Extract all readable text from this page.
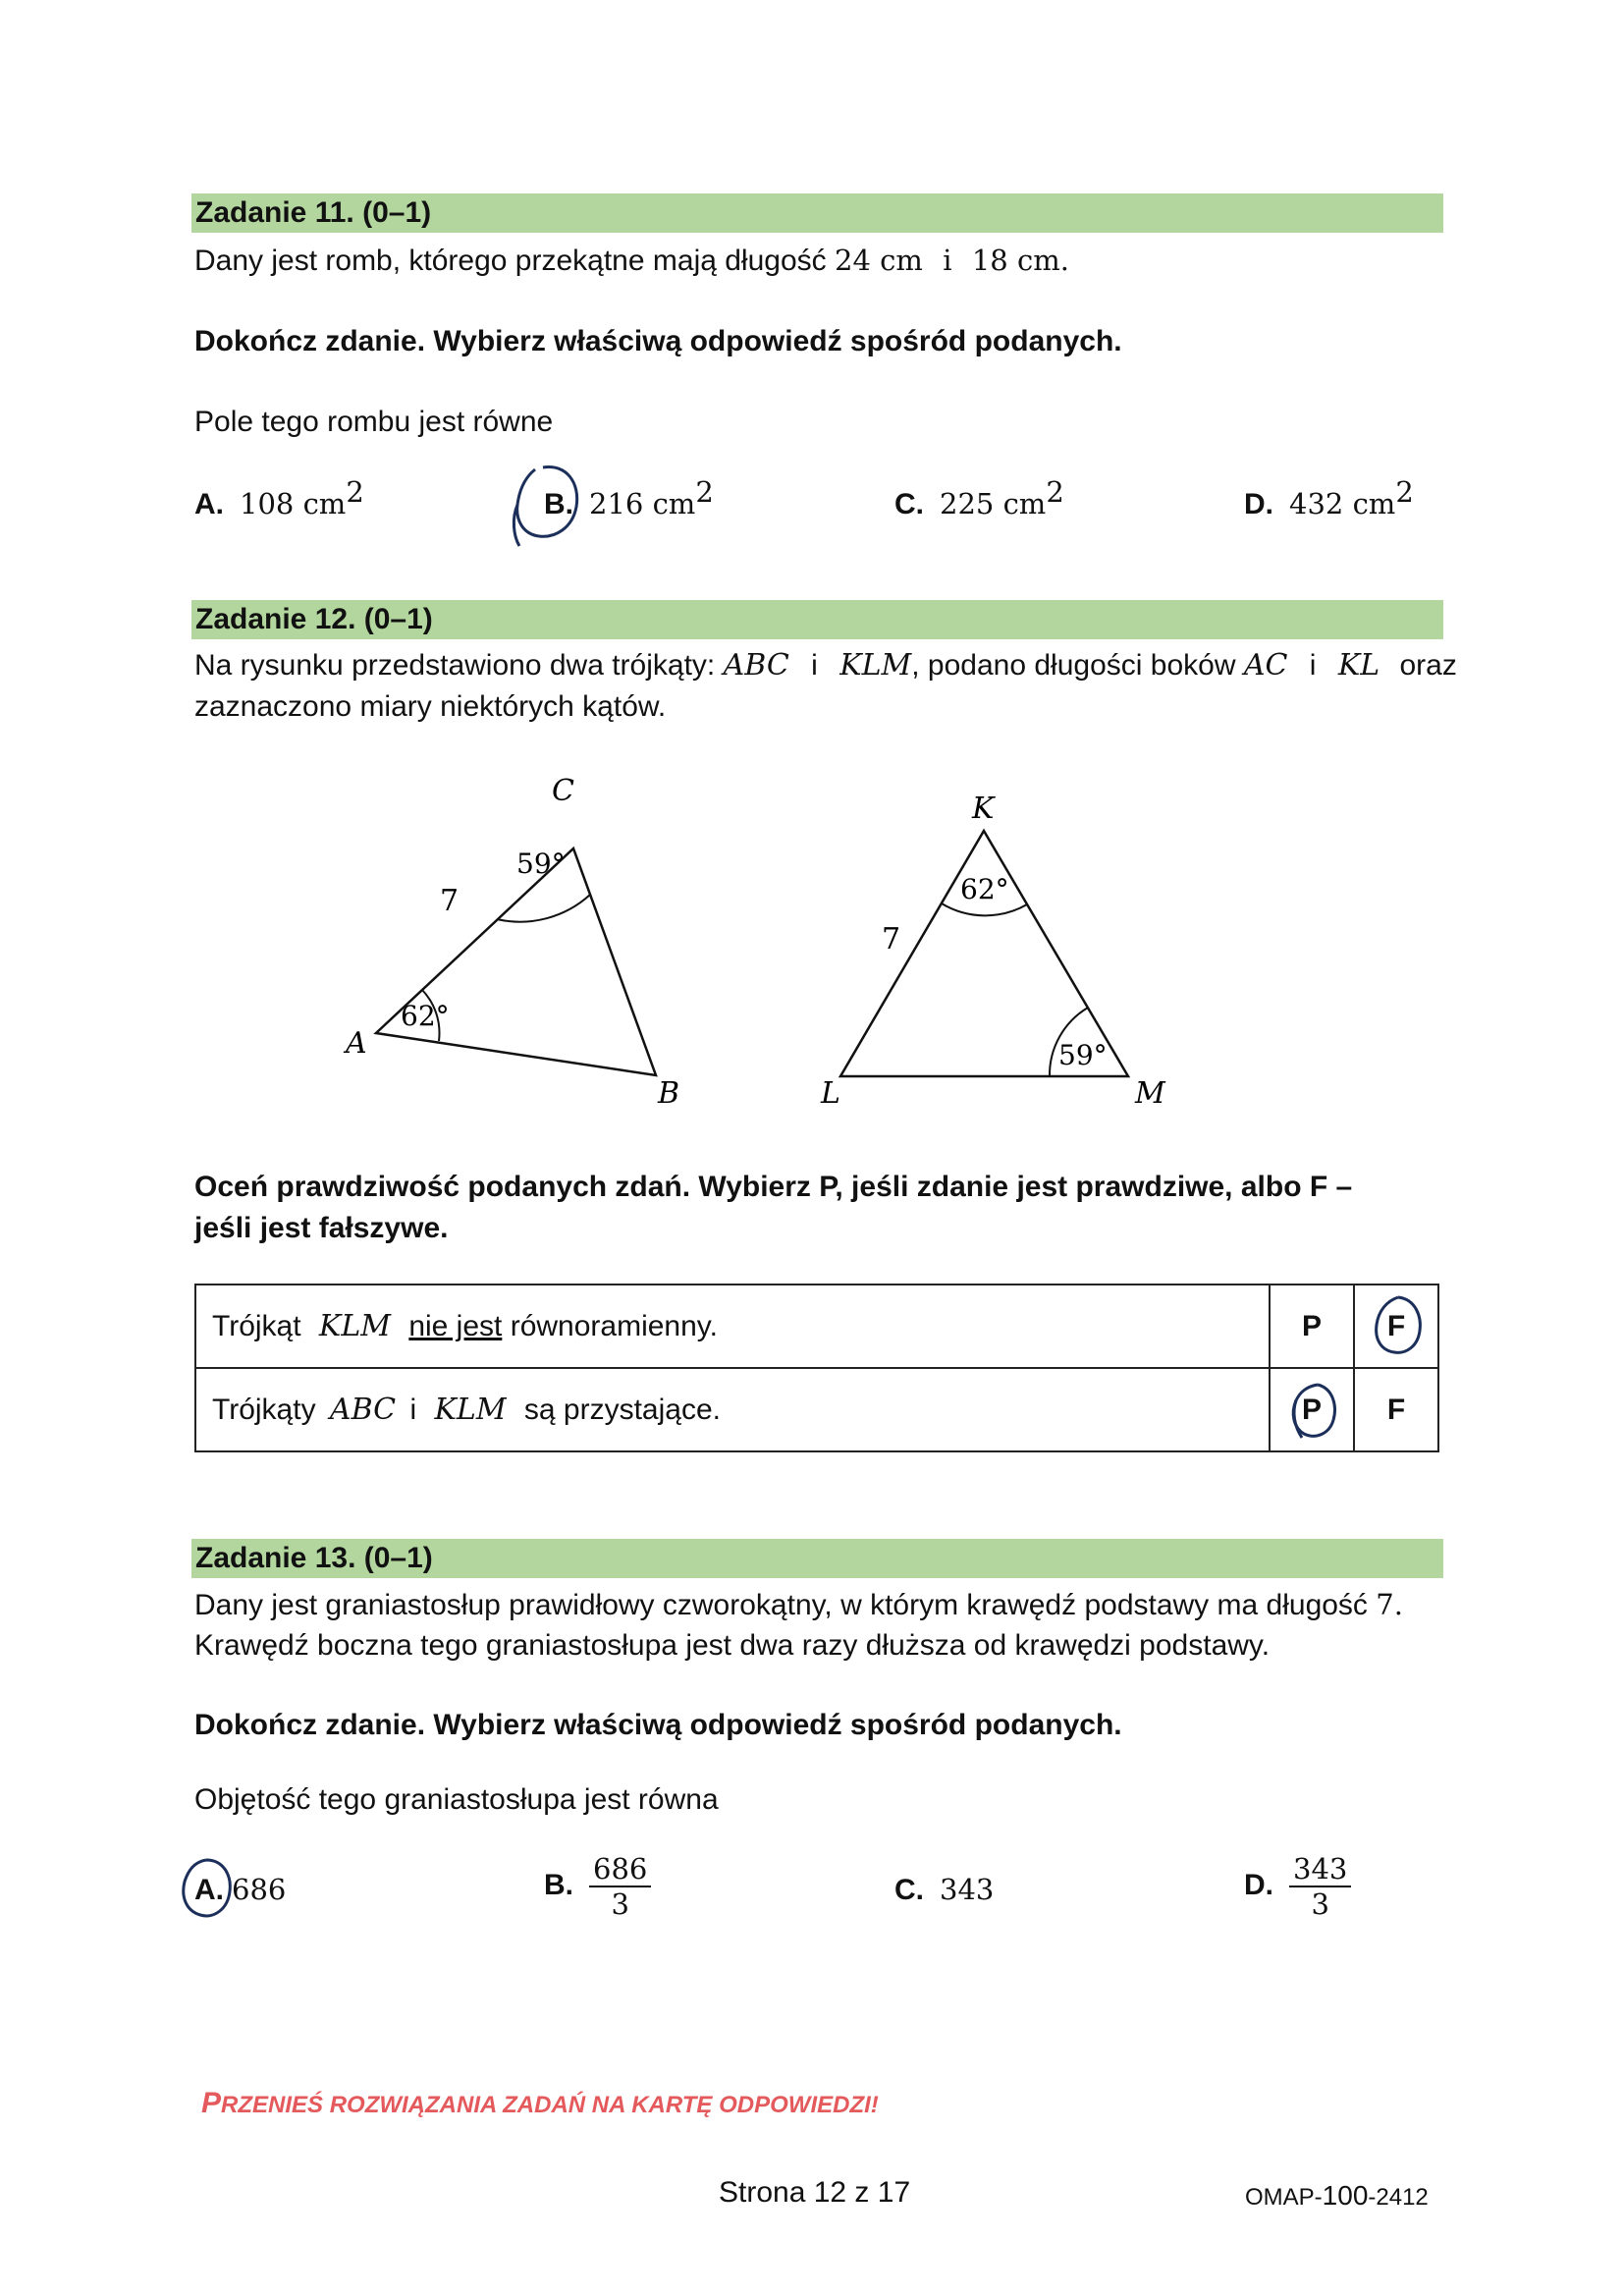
Zadanie 11. (0–1)
Dany jest romb, którego przekątne mają długość 24 cm i 18 cm.
Dokończ zdanie. Wybierz właściwą odpowiedź spośród podanych.
Pole tego rombu jest równe
A. 108 $cm^2$	B. 216 $cm^2$	C. 225 $cm^2$	D. 432 $cm^2$
Zadanie 12. (0–1)
Na rysunku przedstawiono dwa trójkąty: ABC i KLM, podano długości boków AC i KL oraz
zaznaczono miary niektórych kątów.
C
A
B
7
62°
59°
K
L	M
7
62°
59°
Oceń prawdziwość podanych zdań. Wybierz P, jeśli zdanie jest prawdziwe, albo F –
jeśli jest fałszywe.
Trójkąt KLM nie jest równoramienny.	P	F

Trójkąty ABC i KLM są przystające.	P	F
Zadanie 13. (0–1)
Dany jest graniastosłup prawidłowy czworokątny, w którym krawędź podstawy ma długość 7.
Krawędź boczna tego graniastosłupa jest dwa razy dłuższa od krawędzi podstawy.
Dokończ zdanie. Wybierz właściwą odpowiedź spośród podanych.
Objętość tego graniastosłupa jest równa
A. 686	B. $\frac{686}{3}$	C. 343	D. $\frac{343}{3}$
PRZENIEŚ ROZWIĄZANIA ZADAŃ NA KARTĘ ODPOWIEDZI!
Strona 12 z 17	OMAP-100-2412
